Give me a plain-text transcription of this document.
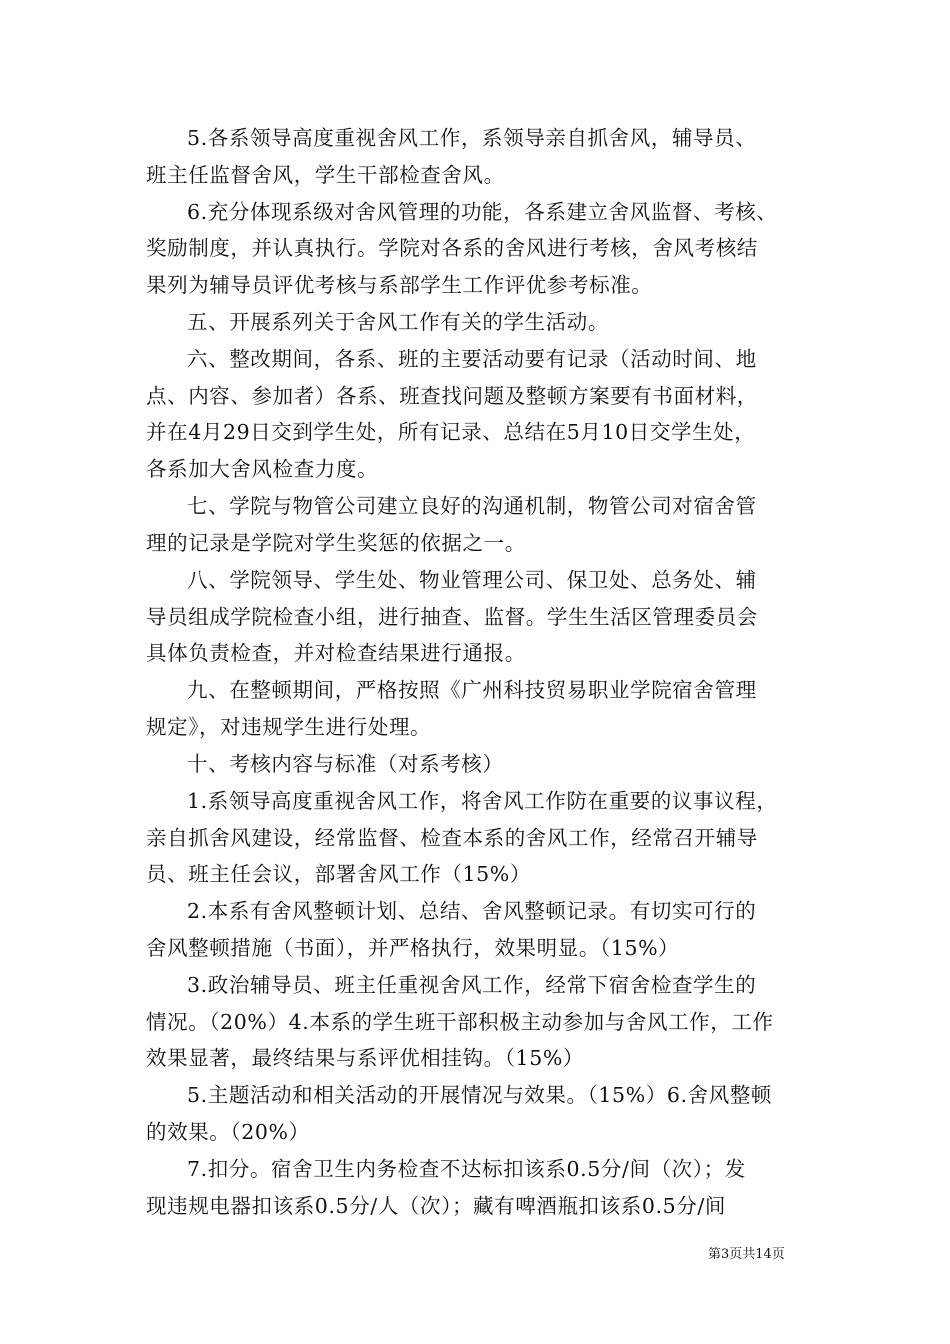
5.各系领导高度重视舍风工作，系领导亲自抓舍风，辅导员、

班主任监督舍风，学生干部检查舍风。

6.充分体现系级对舍风管理的功能，各系建立舍风监督、考核、

奖励制度，并认真执行。学院对各系的舍风进行考核，舍风考核结

果列为辅导员评优考核与系部学生工作评优参考标准。

五、开展系列关于舍风工作有关的学生活动。

六、整改期间，各系、班的主要活动要有记录（活动时间、地

点、内容、参加者）各系、班查找问题及整顿方案要有书面材料，

并在4月29日交到学生处，所有记录、总结在5月10日交学生处，

各系加大舍风检查力度。

七、学院与物管公司建立良好的沟通机制，物管公司对宿舍管

理的记录是学院对学生奖惩的依据之一。

八、学院领导、学生处、物业管理公司、保卫处、总务处、辅

导员组成学院检查小组，进行抽查、监督。学生生活区管理委员会

具体负责检查，并对检查结果进行通报。

九、在整顿期间，严格按照《广州科技贸易职业学院宿舍管理

规定》，对违规学生进行处理。

十、考核内容与标准（对系考核）

1.系领导高度重视舍风工作，将舍风工作防在重要的议事议程，

亲自抓舍风建设，经常监督、检查本系的舍风工作，经常召开辅导

员、班主任会议，部署舍风工作（15%）

2.本系有舍风整顿计划、总结、舍风整顿记录。有切实可行的

舍风整顿措施（书面），并严格执行，效果明显。（15%）

3.政治辅导员、班主任重视舍风工作，经常下宿舍检查学生的

情况。（20%）4.本系的学生班干部积极主动参加与舍风工作，工作

效果显著，最终结果与系评优相挂钩。（15%）

5.主题活动和相关活动的开展情况与效果。（15%）6.舍风整顿

的效果。（20%）

7.扣分。宿舍卫生内务检查不达标扣该系0.5分/间（次）；发

现违规电器扣该系0.5分/人（次）；藏有啤酒瓶扣该系0.5分/间

第3页共14页
